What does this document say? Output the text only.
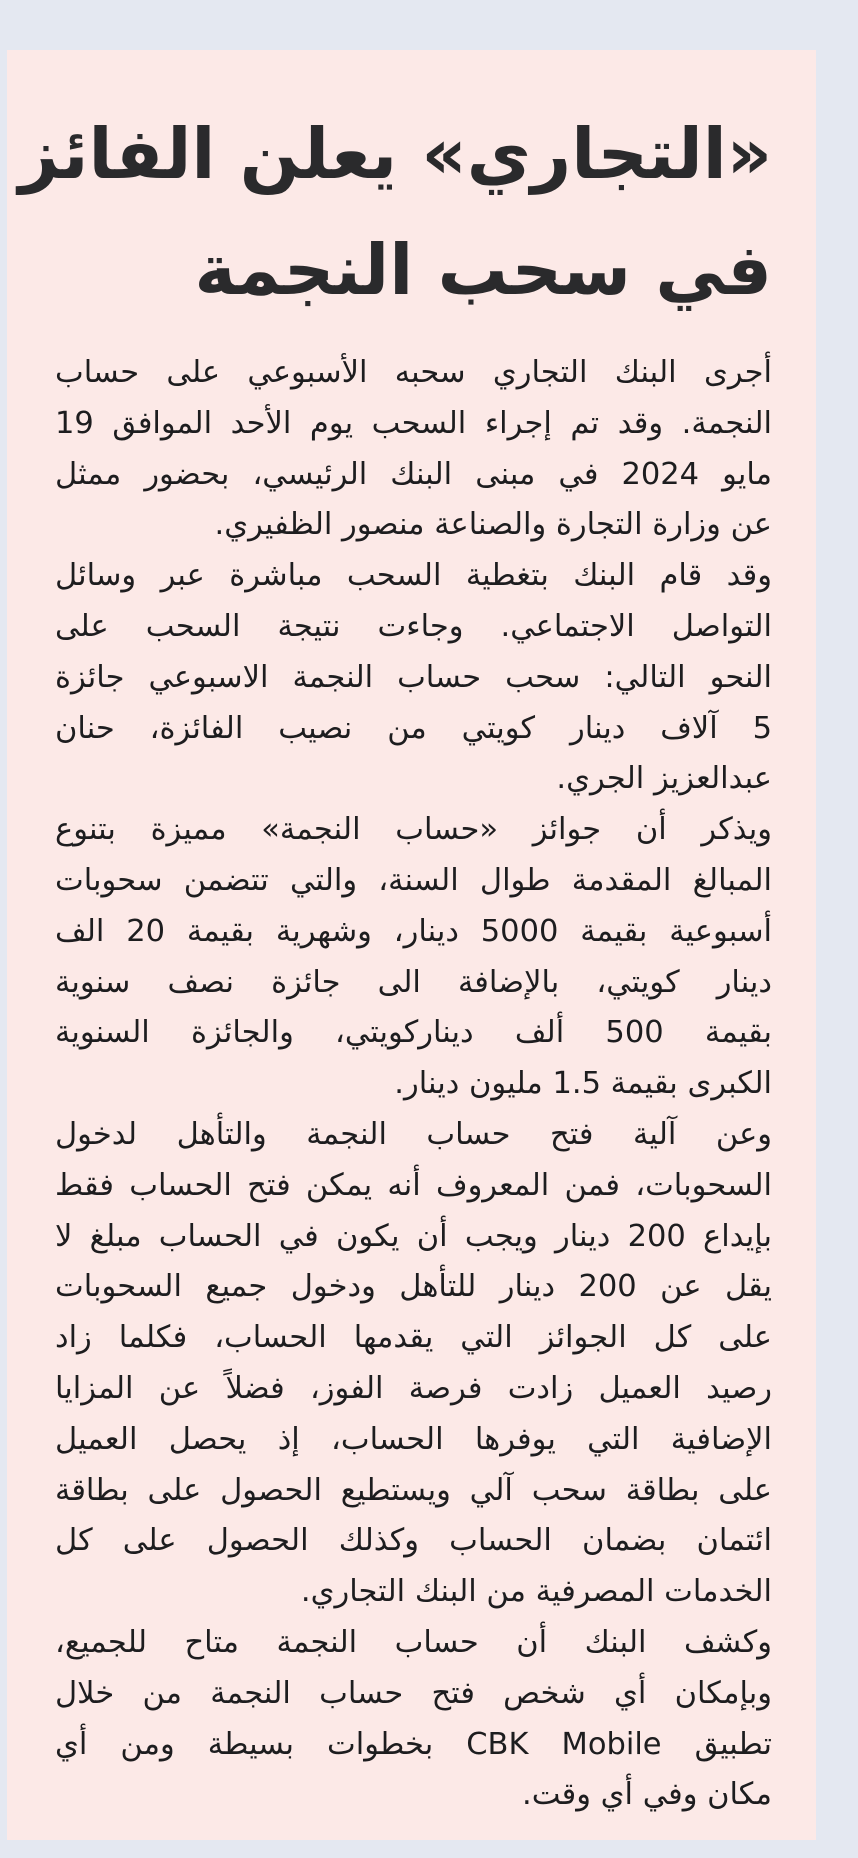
«التجاري» يعلن الفائز
في سحب النجمة

أجرى البنك التجاري سحبه الأسبوعي على حساب
النجمة. وقد تم إجراء السحب يوم الأحد الموافق 19
مايو 2024 في مبنى البنك الرئيسي، بحضور ممثل
عن وزارة التجارة والصناعة منصور الظفيري.

وقد قام البنك بتغطية السحب مباشرة عبر وسائل
التواصل الاجتماعي. وجاءت نتيجة السحب على
النحو التالي: سحب حساب النجمة الاسبوعي جائزة
5 آلاف دينار كويتي من نصيب الفائزة، حنان
عبدالعزيز الجري.

ويذكر أن جوائز «حساب النجمة» مميزة بتنوع
المبالغ المقدمة طوال السنة، والتي تتضمن سحوبات
أسبوعية بقيمة 5000 دينار، وشهرية بقيمة 20 الف
دينار كويتي، بالإضافة الى جائزة نصف سنوية
بقيمة 500 ألف ديناركويتي، والجائزة السنوية
الكبرى بقيمة 1.5 مليون دينار.

وعن آلية فتح حساب النجمة والتأهل لدخول
السحوبات، فمن المعروف أنه يمكن فتح الحساب فقط
بإيداع 200 دينار ويجب أن يكون في الحساب مبلغ لا
يقل عن 200 دينار للتأهل ودخول جميع السحوبات
على كل الجوائز التي يقدمها الحساب، فكلما زاد
رصيد العميل زادت فرصة الفوز، فضلاً عن المزايا
الإضافية التي يوفرها الحساب، إذ يحصل العميل
على بطاقة سحب آلي ويستطيع الحصول على بطاقة
ائتمان بضمان الحساب وكذلك الحصول على كل
الخدمات المصرفية من البنك التجاري.

وكشف البنك أن حساب النجمة متاح للجميع،
وبإمكان أي شخص فتح حساب النجمة من خلال
تطبيق CBK Mobile بخطوات بسيطة ومن أي
مكان وفي أي وقت.
